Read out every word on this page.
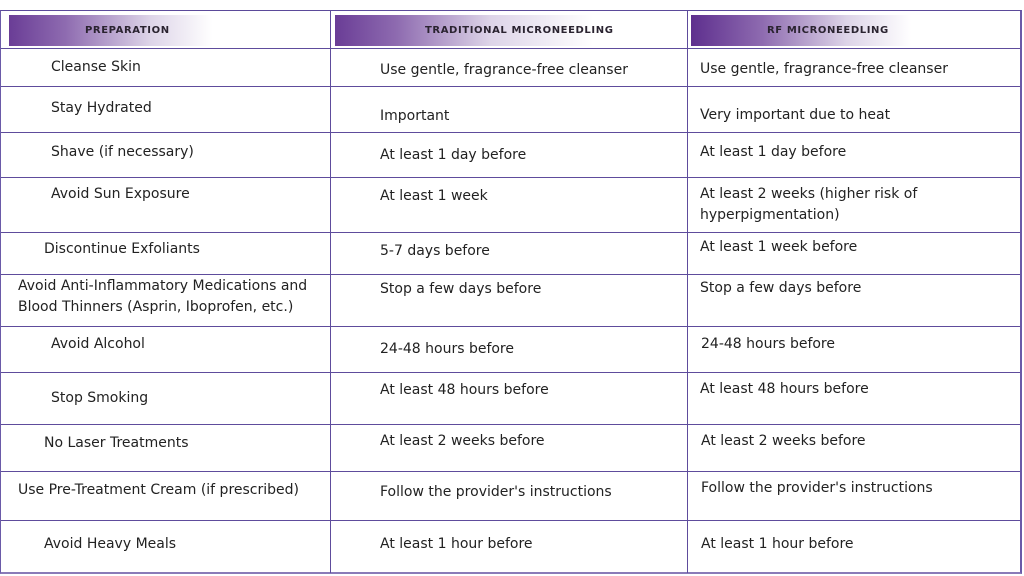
PREPARATION	TRADITIONAL MICRONEEDLING	RF MICRONEEDLING
Cleanse Skin	Use gentle, fragrance-free cleanser	Use gentle, fragrance-free cleanser
Stay Hydrated	Important	Very important due to heat
Shave (if necessary)	At least 1 day before	At least 1 day before
Avoid Sun Exposure	At least 1 week	At least 2 weeks (higher risk of
hyperpigmentation)
Discontinue Exfoliants	5-7 days before	At least 1 week before
Avoid Anti-Inflammatory Medications and
Blood Thinners (Asprin, Iboprofen, etc.)
Stop a few days before	Stop a few days before
Avoid Alcohol	24-48 hours before	24-48 hours before
Stop Smoking	At least 48 hours before	At least 48 hours before
No Laser Treatments	At least 2 weeks before	At least 2 weeks before
Use Pre-Treatment Cream (if prescribed)	Follow the provider's instructions	Follow the provider's instructions
Avoid Heavy Meals	At least 1 hour before	At least 1 hour before
